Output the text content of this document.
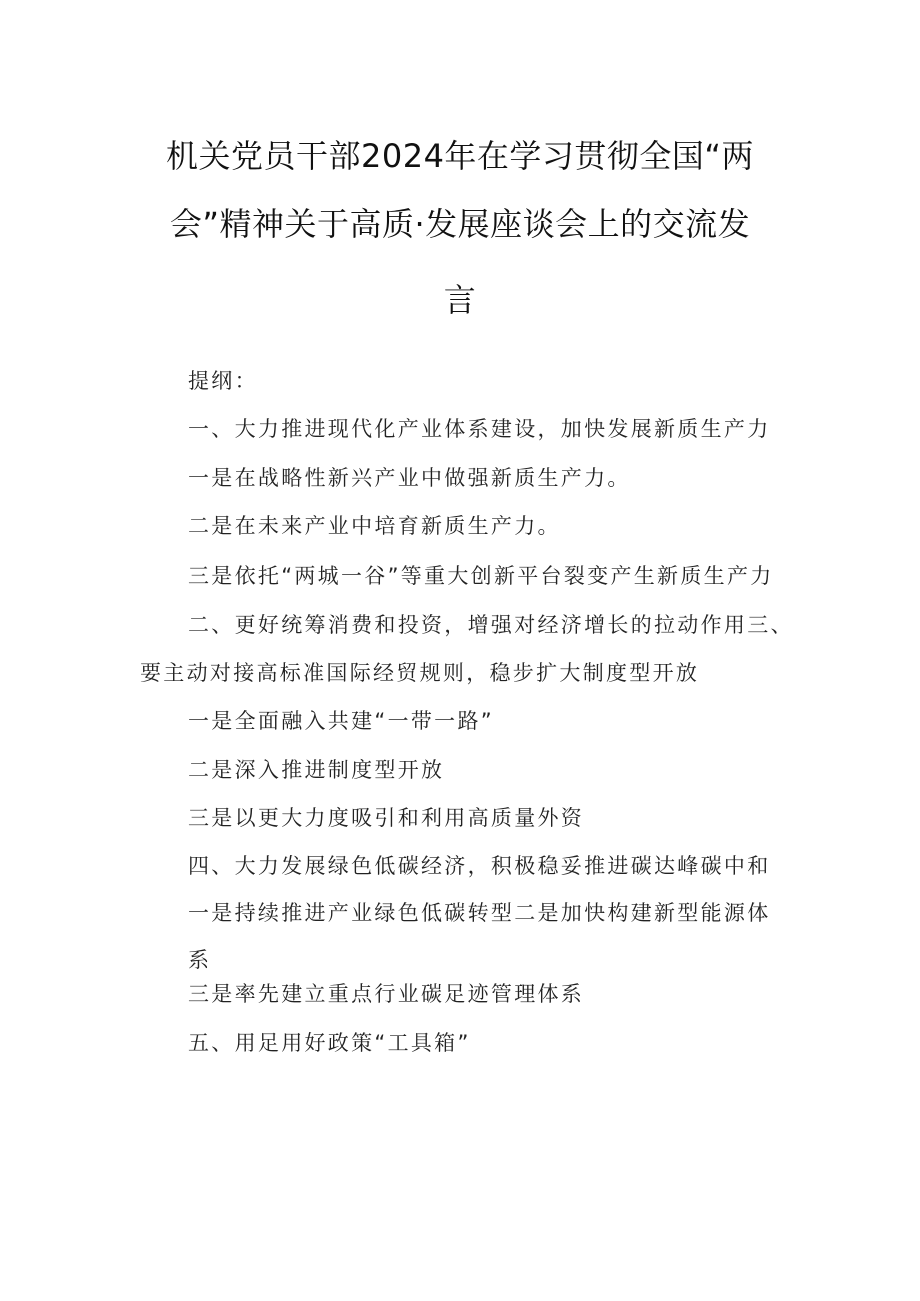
机关党员干部2024年在学习贯彻全国“两
会”精神关于高质·发展座谈会上的交流发
言
提纲：
一、大力推进现代化产业体系建设，加快发展新质生产力
一是在战略性新兴产业中做强新质生产力。
二是在未来产业中培育新质生产力。
三是依托“两城一谷”等重大创新平台裂变产生新质生产力
二、更好统筹消费和投资，增强对经济增长的拉动作用三、
要主动对接高标准国际经贸规则，稳步扩大制度型开放
一是全面融入共建“一带一路”
二是深入推进制度型开放
三是以更大力度吸引和利用高质量外资
四、大力发展绿色低碳经济，积极稳妥推进碳达峰碳中和
一是持续推进产业绿色低碳转型二是加快构建新型能源体
系
三是率先建立重点行业碳足迹管理体系
五、用足用好政策“工具箱”
